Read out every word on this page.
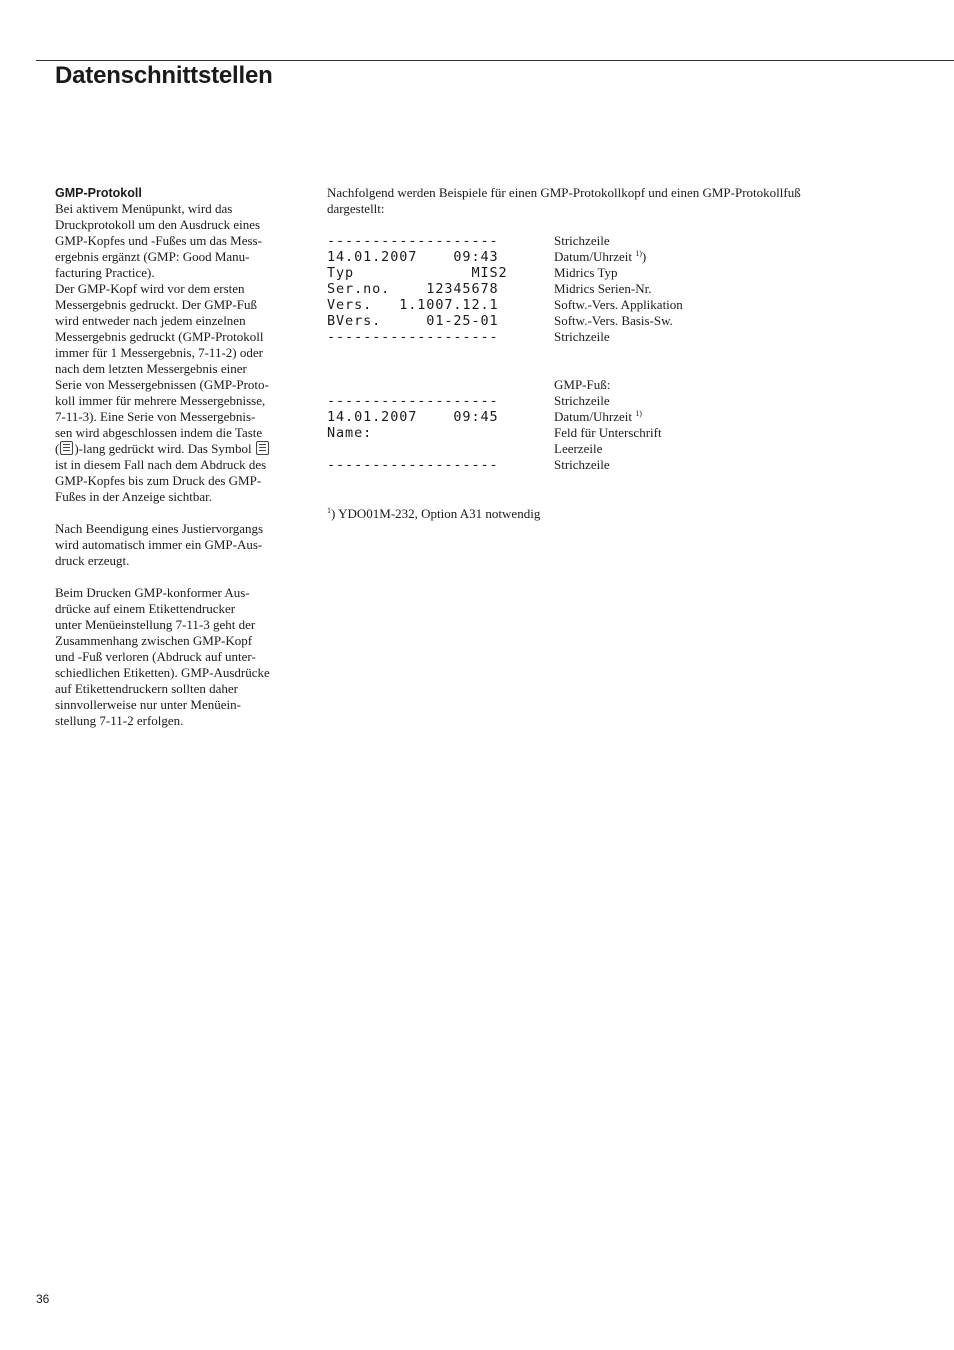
Datenschnittstellen

GMP-Protokoll

Bei aktivem Menüpunkt, wird das

Druckprotokoll um den Ausdruck eines

GMP-Kopfes und -Fußes um das Mess-

ergebnis ergänzt (GMP: Good Manu-

facturing Practice).

Der GMP-Kopf wird vor dem ersten

Messergebnis gedruckt. Der GMP-Fuß

wird entweder nach jedem einzelnen

Messergebnis gedruckt (GMP-Protokoll

immer für 1 Messergebnis, 7-11-2) oder

nach dem letzten Messergebnis einer

Serie von Messergebnissen (GMP-Proto-

koll immer für mehrere Messergebnisse,

7-11-3). Eine Serie von Messergebnis-

sen wird abgeschlossen indem die Taste

( )-lang gedrückt wird. Das Symbol

ist in diesem Fall nach dem Abdruck des

GMP-Kopfes bis zum Druck des GMP-

Fußes in der Anzeige sichtbar.

Nach Beendigung eines Justiervorgangs

wird automatisch immer ein GMP-Aus-

druck erzeugt.

Beim Drucken GMP-konformer Aus-

drücke auf einem Etikettendrucker

unter Menüeinstellung 7-11-3 geht der

Zusammenhang zwischen GMP-Kopf

und -Fuß verloren (Abdruck auf unter-

schiedlichen Etiketten). GMP-Ausdrücke

auf Etikettendruckern sollten daher

sinnvollerweise nur unter Menüein-

stellung 7-11-2 erfolgen.

Nachfolgend werden Beispiele für einen GMP-Protokollkopf und einen GMP-Protokollfuß
dargestellt:
-------------------	Strichzeile
14.01.2007    09:43	Datum/Uhrzeit $^{1)}$)
Typ             MIS2	Midrics Typ
Ser.no.    12345678	Midrics Serien-Nr.
Vers.   1.1007.12.1	Softw.-Vers. Applikation
BVers.     01-25-01	Softw.-Vers. Basis-Sw.
-------------------	Strichzeile
GMP-Fuß:
-------------------	Strichzeile
14.01.2007    09:45	Datum/Uhrzeit $^{1)}$
Name:	Feld für Unterschrift
Leerzeile
-------------------	Strichzeile
$^1$) YDO01M-232, Option A31 notwendig
36
